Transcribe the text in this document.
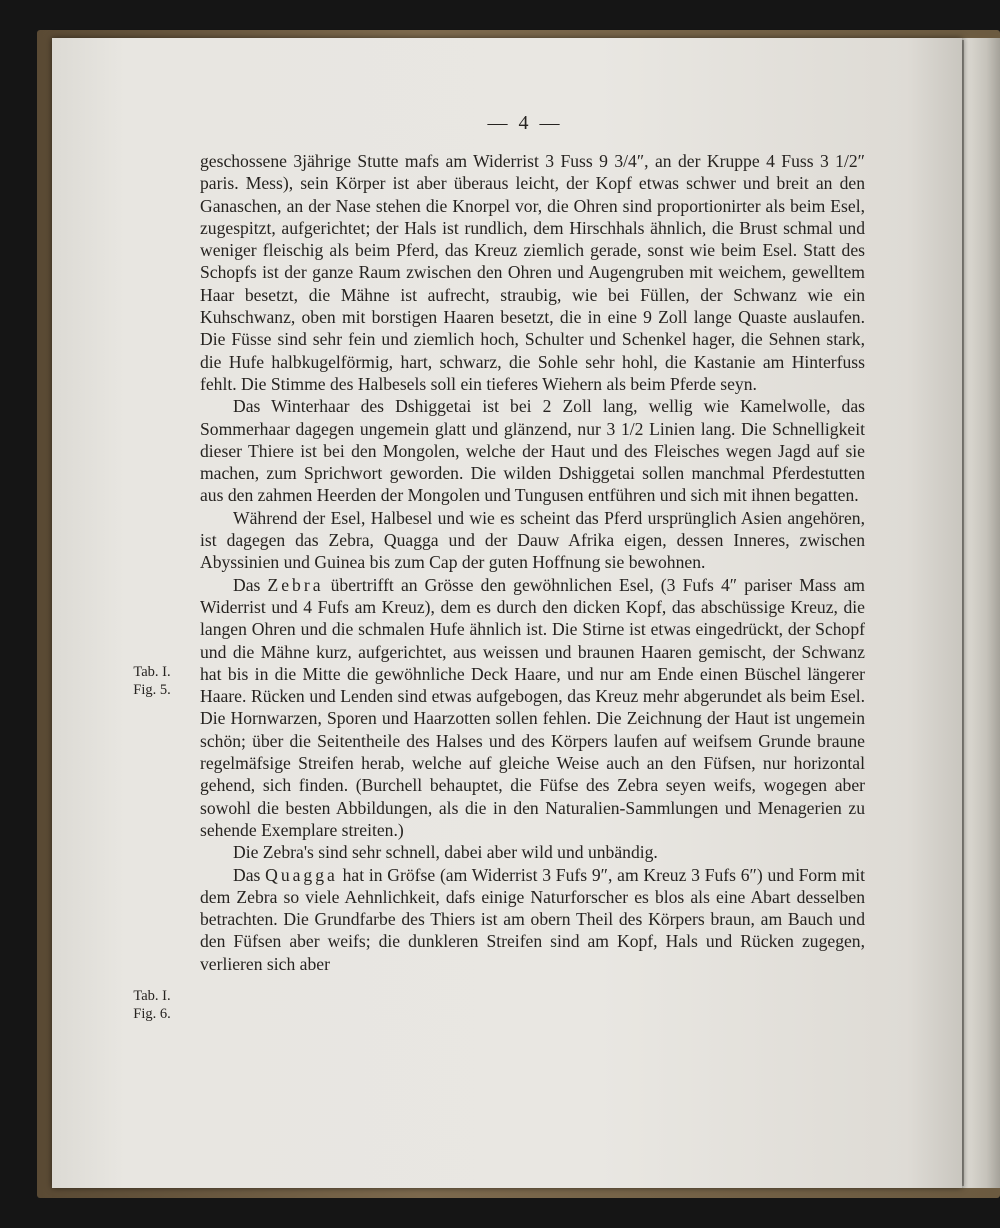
— 4 —
Tab. I.
Fig. 5.
Tab. I.
Fig. 6.

geschossene 3jährige Stutte mafs am Widerrist 3 Fuss 9 3/4″, an der Kruppe 4 Fuss 3 1/2″ paris. Mess), sein Körper ist aber überaus leicht, der Kopf etwas schwer und breit an den Ganaschen, an der Nase stehen die Knorpel vor, die Ohren sind proportionirter als beim Esel, zugespitzt, aufgerichtet; der Hals ist rundlich, dem Hirschhals ähnlich, die Brust schmal und weniger fleischig als beim Pferd, das Kreuz ziemlich gerade, sonst wie beim Esel. Statt des Schopfs ist der ganze Raum zwischen den Ohren und Augengruben mit weichem, gewelltem Haar besetzt, die Mähne ist aufrecht, straubig, wie bei Füllen, der Schwanz wie ein Kuhschwanz, oben mit borstigen Haaren besetzt, die in eine 9 Zoll lange Quaste auslaufen. Die Füsse sind sehr fein und ziemlich hoch, Schulter und Schenkel hager, die Sehnen stark, die Hufe halbkugelförmig, hart, schwarz, die Sohle sehr hohl, die Kastanie am Hinterfuss fehlt. Die Stimme des Halbesels soll ein tieferes Wiehern als beim Pferde seyn.

Das Winterhaar des Dshiggetai ist bei 2 Zoll lang, wellig wie Kamelwolle, das Sommerhaar dagegen ungemein glatt und glänzend, nur 3 1/2 Linien lang. Die Schnelligkeit dieser Thiere ist bei den Mongolen, welche der Haut und des Fleisches wegen Jagd auf sie machen, zum Sprichwort geworden. Die wilden Dshiggetai sollen manchmal Pferdestutten aus den zahmen Heerden der Mongolen und Tungusen entführen und sich mit ihnen begatten.

Während der Esel, Halbesel und wie es scheint das Pferd ursprünglich Asien angehören, ist dagegen das Zebra, Quagga und der Dauw Afrika eigen, dessen Inneres, zwischen Abyssinien und Guinea bis zum Cap der guten Hoffnung sie bewohnen.

Das Zebra übertrifft an Grösse den gewöhnlichen Esel, (3 Fufs 4″ pariser Mass am Widerrist und 4 Fufs am Kreuz), dem es durch den dicken Kopf, das abschüssige Kreuz, die langen Ohren und die schmalen Hufe ähnlich ist. Die Stirne ist etwas eingedrückt, der Schopf und die Mähne kurz, aufgerichtet, aus weissen und braunen Haaren gemischt, der Schwanz hat bis in die Mitte die gewöhnliche Deck Haare, und nur am Ende einen Büschel längerer Haare. Rücken und Lenden sind etwas aufgebogen, das Kreuz mehr abgerundet als beim Esel. Die Hornwarzen, Sporen und Haarzotten sollen fehlen. Die Zeichnung der Haut ist ungemein schön; über die Seitentheile des Halses und des Körpers laufen auf weifsem Grunde braune regelmäfsige Streifen herab, welche auf gleiche Weise auch an den Füfsen, nur horizontal gehend, sich finden. (Burchell behauptet, die Füfse des Zebra seyen weifs, wogegen aber sowohl die besten Abbildungen, als die in den Naturalien-Sammlungen und Menagerien zu sehende Exemplare streiten.)

Die Zebra's sind sehr schnell, dabei aber wild und unbändig.

Das Quagga hat in Gröfse (am Widerrist 3 Fufs 9″, am Kreuz 3 Fufs 6″) und Form mit dem Zebra so viele Aehnlichkeit, dafs einige Naturforscher es blos als eine Abart desselben betrachten. Die Grundfarbe des Thiers ist am obern Theil des Körpers braun, am Bauch und den Füfsen aber weifs; die dunkleren Streifen sind am Kopf, Hals und Rücken zugegen, verlieren sich aber
